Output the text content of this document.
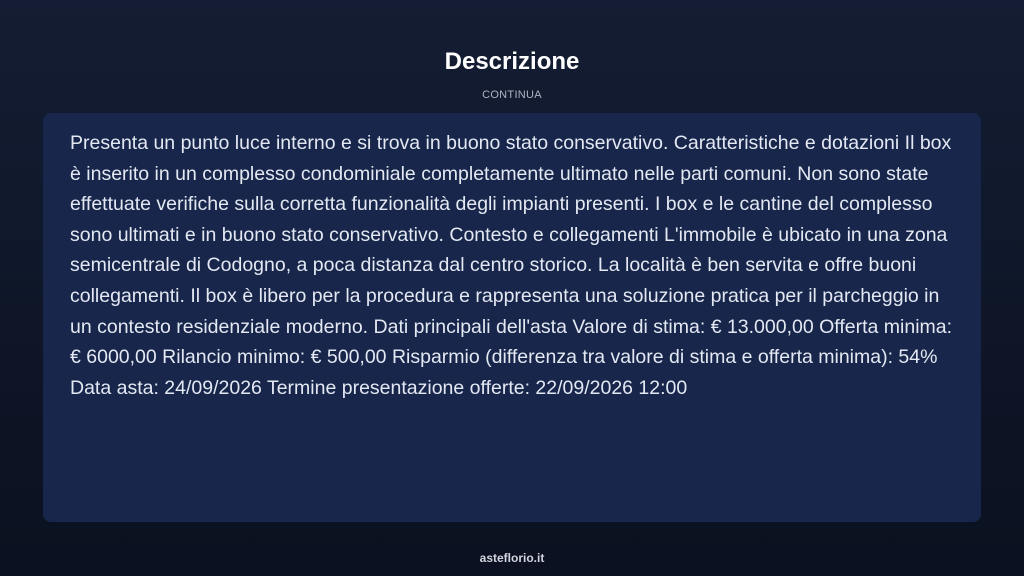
Descrizione
CONTINUA

Presenta un punto luce interno e si trova in buono stato conservativo. Caratteristiche e dotazioni Il box è inserito in un complesso condominiale completamente ultimato nelle parti comuni. Non sono state effettuate verifiche sulla corretta funzionalità degli impianti presenti. I box e le cantine del complesso sono ultimati e in buono stato conservativo. Contesto e collegamenti L'immobile è ubicato in una zona semicentrale di Codogno, a poca distanza dal centro storico. La località è ben servita e offre buoni collegamenti. Il box è libero per la procedura e rappresenta una soluzione pratica per il parcheggio in un contesto residenziale moderno. Dati principali dell'asta Valore di stima: € 13.000,00 Offerta minima: € 6000,00 Rilancio minimo: € 500,00 Risparmio (differenza tra valore di stima e offerta minima): 54% Data asta: 24/09/2026 Termine presentazione offerte: 22/09/2026 12:00

asteflorio.it
